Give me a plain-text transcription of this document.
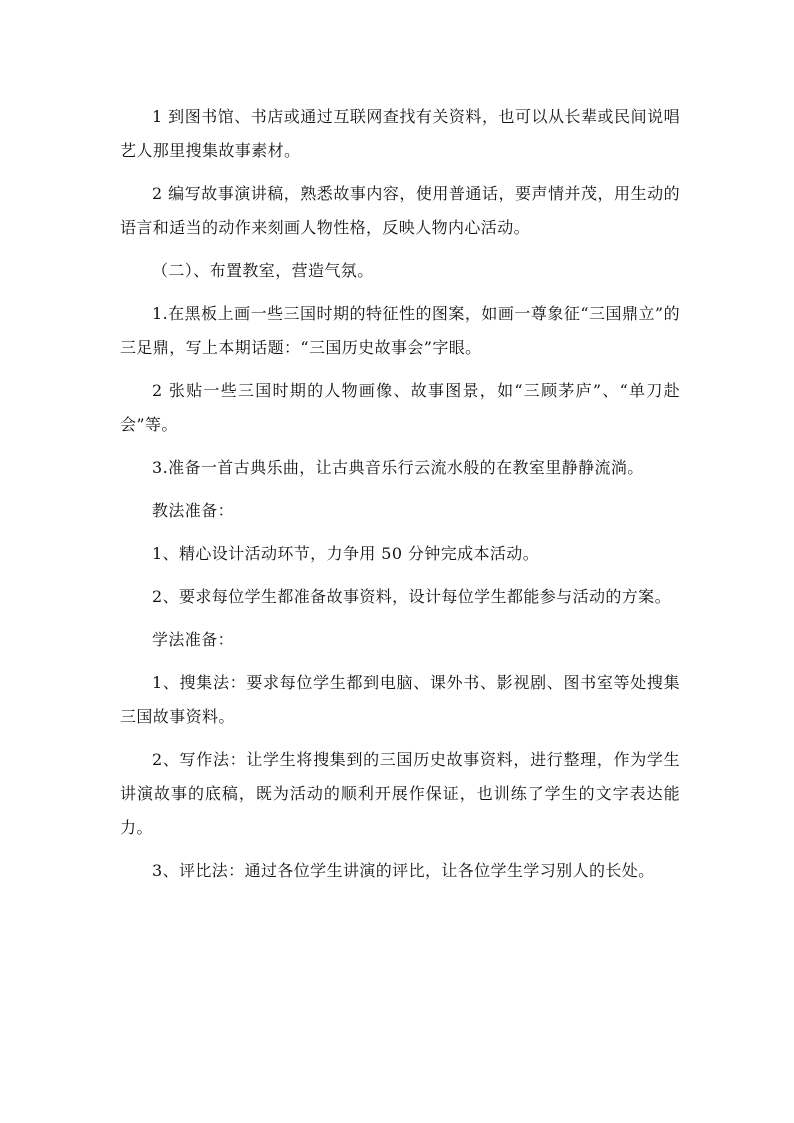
1 到图书馆、书店或通过互联网查找有关资料，也可以从长辈或民间说唱艺人那里搜集故事素材。

2 编写故事演讲稿，熟悉故事内容，使用普通话，要声情并茂，用生动的语言和适当的动作来刻画人物性格，反映人物内心活动。

（二）、布置教室，营造气氛。

1.在黑板上画一些三国时期的特征性的图案，如画一尊象征“三国鼎立”的三足鼎，写上本期话题：“三国历史故事会”字眼。

2 张贴一些三国时期的人物画像、故事图景，如“三顾茅庐”、“单刀赴会”等。

3.准备一首古典乐曲，让古典音乐行云流水般的在教室里静静流淌。

教法准备：

1、精心设计活动环节，力争用 50 分钟完成本活动。

2、要求每位学生都准备故事资料，设计每位学生都能参与活动的方案。

学法准备：

1、搜集法：要求每位学生都到电脑、课外书、影视剧、图书室等处搜集三国故事资料。

2、写作法：让学生将搜集到的三国历史故事资料，进行整理，作为学生讲演故事的底稿，既为活动的顺利开展作保证，也训练了学生的文字表达能力。

3、评比法：通过各位学生讲演的评比，让各位学生学习别人的长处。
